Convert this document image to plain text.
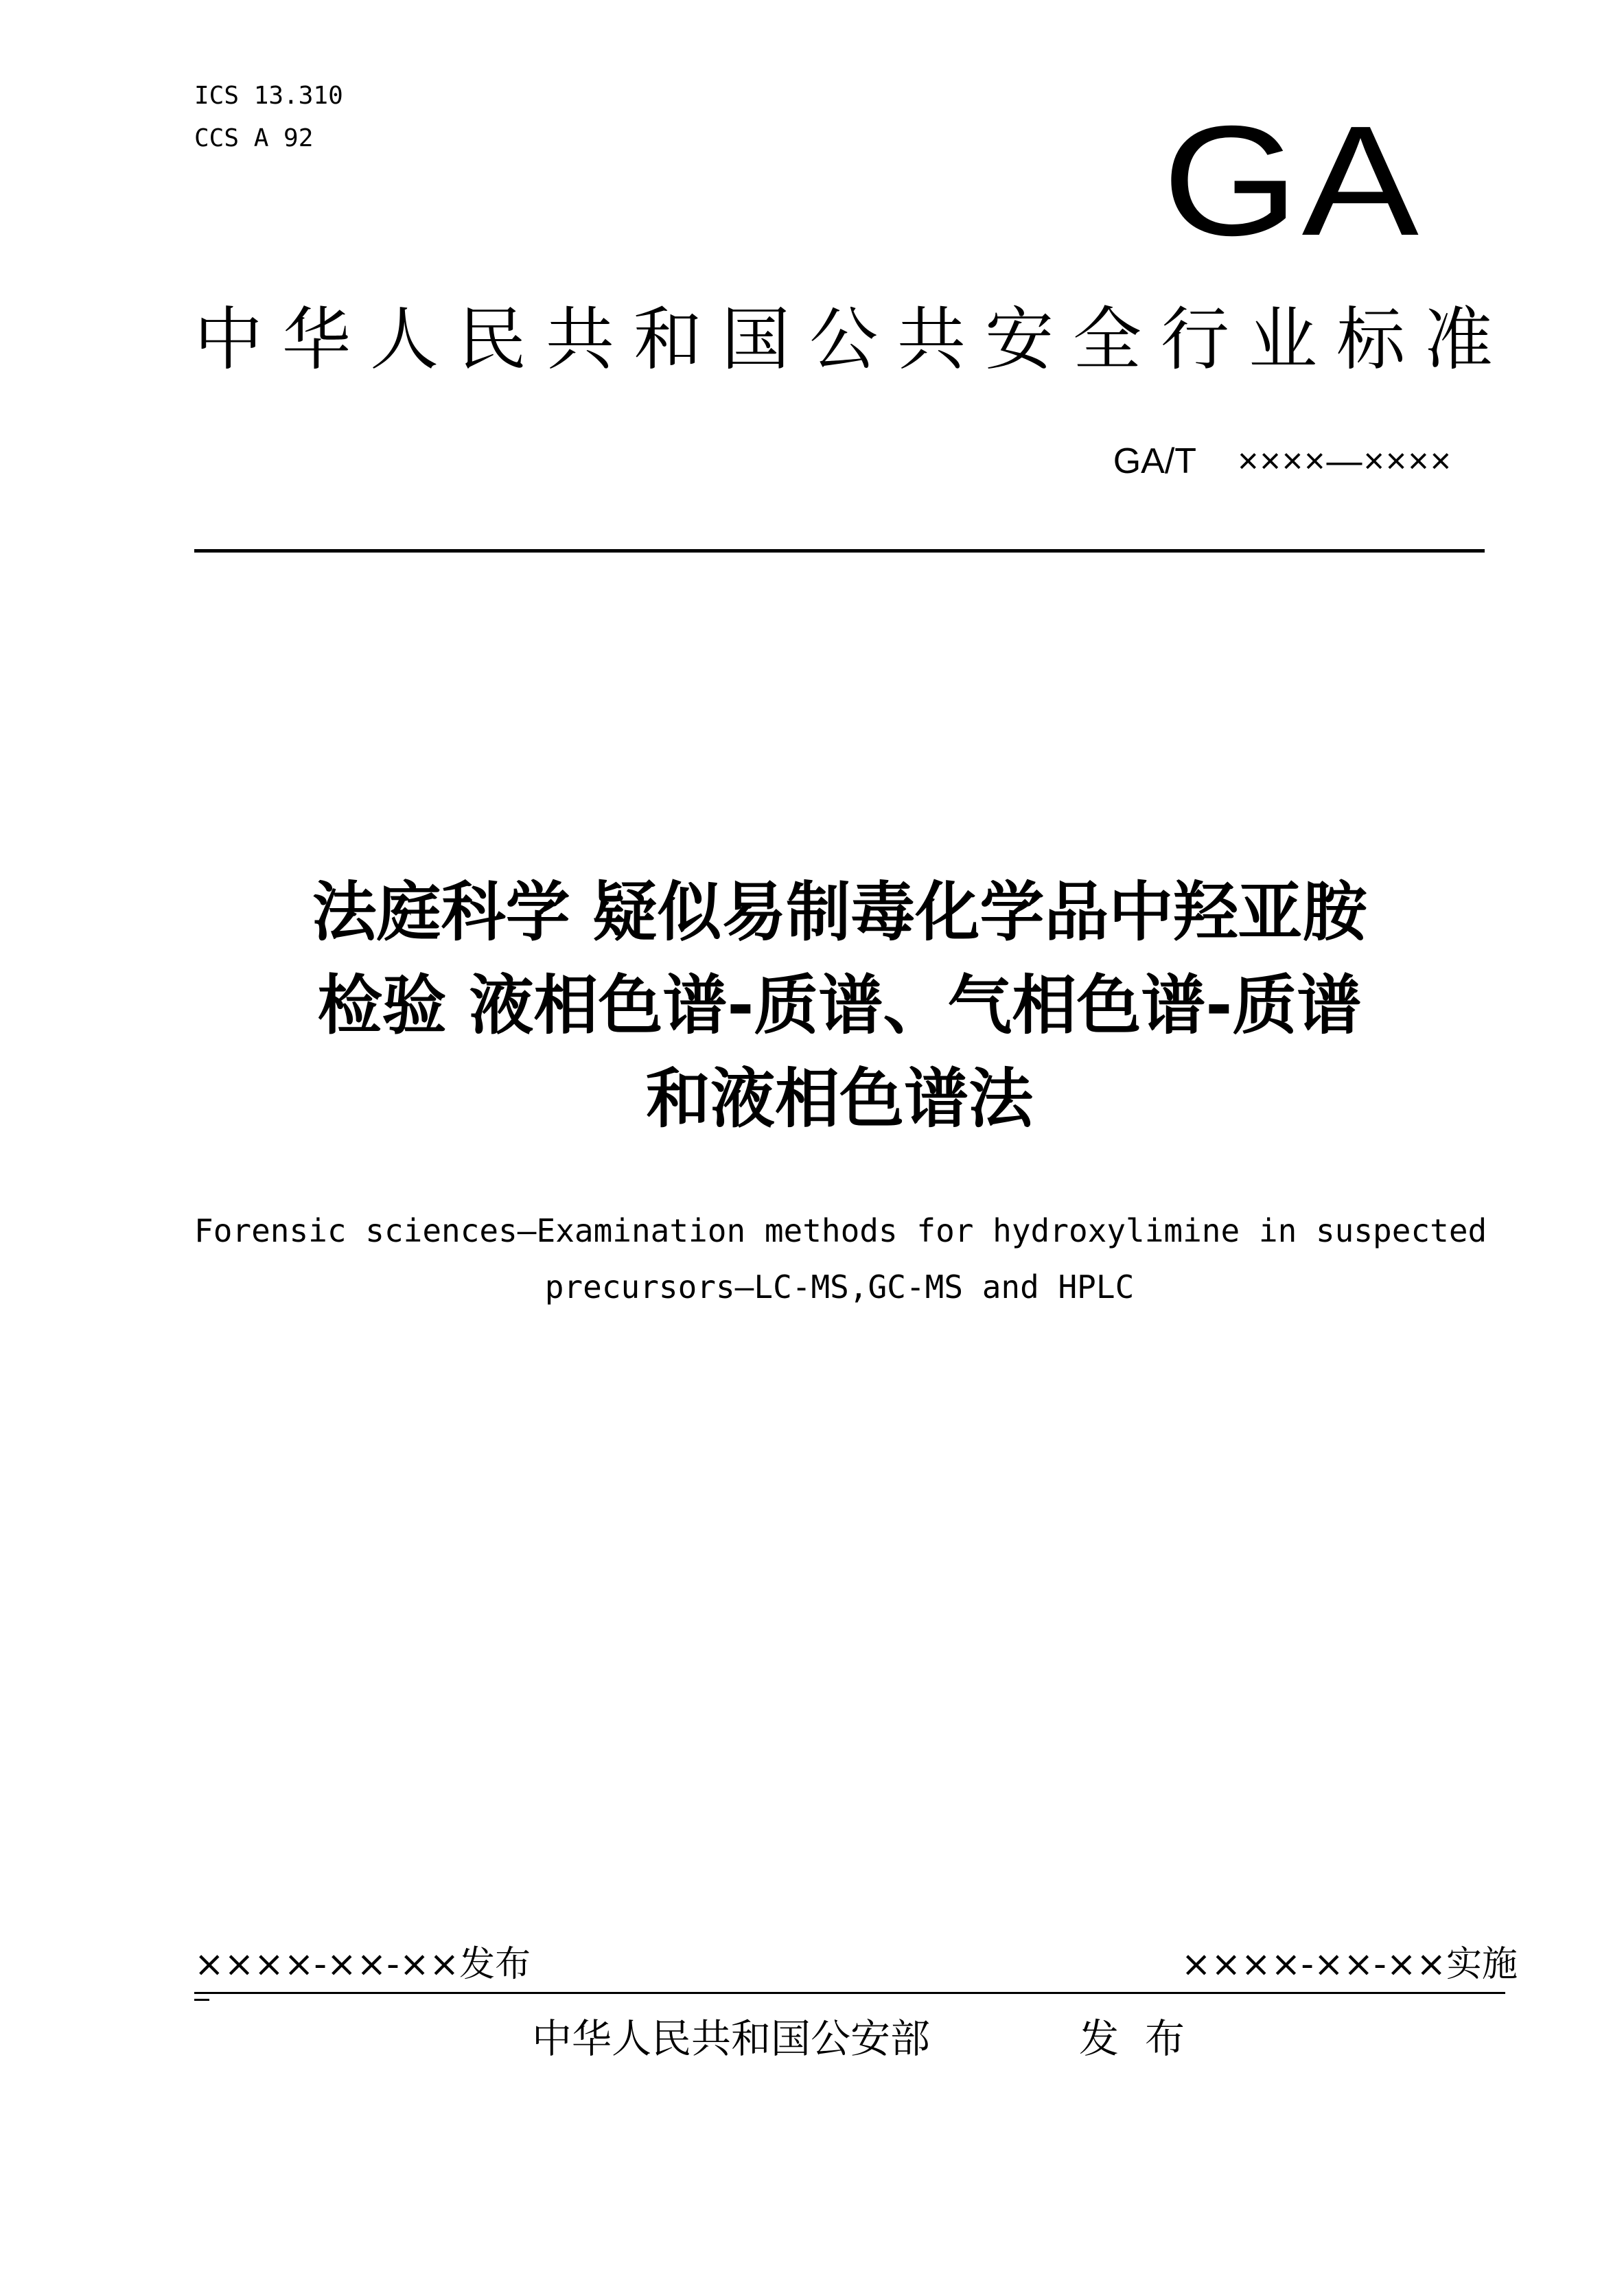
ICS 13.310
CCS A 92	GA
中华人民共和国公共安全行业标准
GA/T ××××—××××
法庭科学 疑似易制毒化学品中羟亚胺
检验 液相色谱-质谱、气相色谱-质谱
和液相色谱法
Forensic sciences—Examination methods for hydroxylimine in suspected
precursors—LC-MS,GC-MS and HPLC
××××-××-××发布	××××-××-××实施
中华人民共和国公安部	发布
